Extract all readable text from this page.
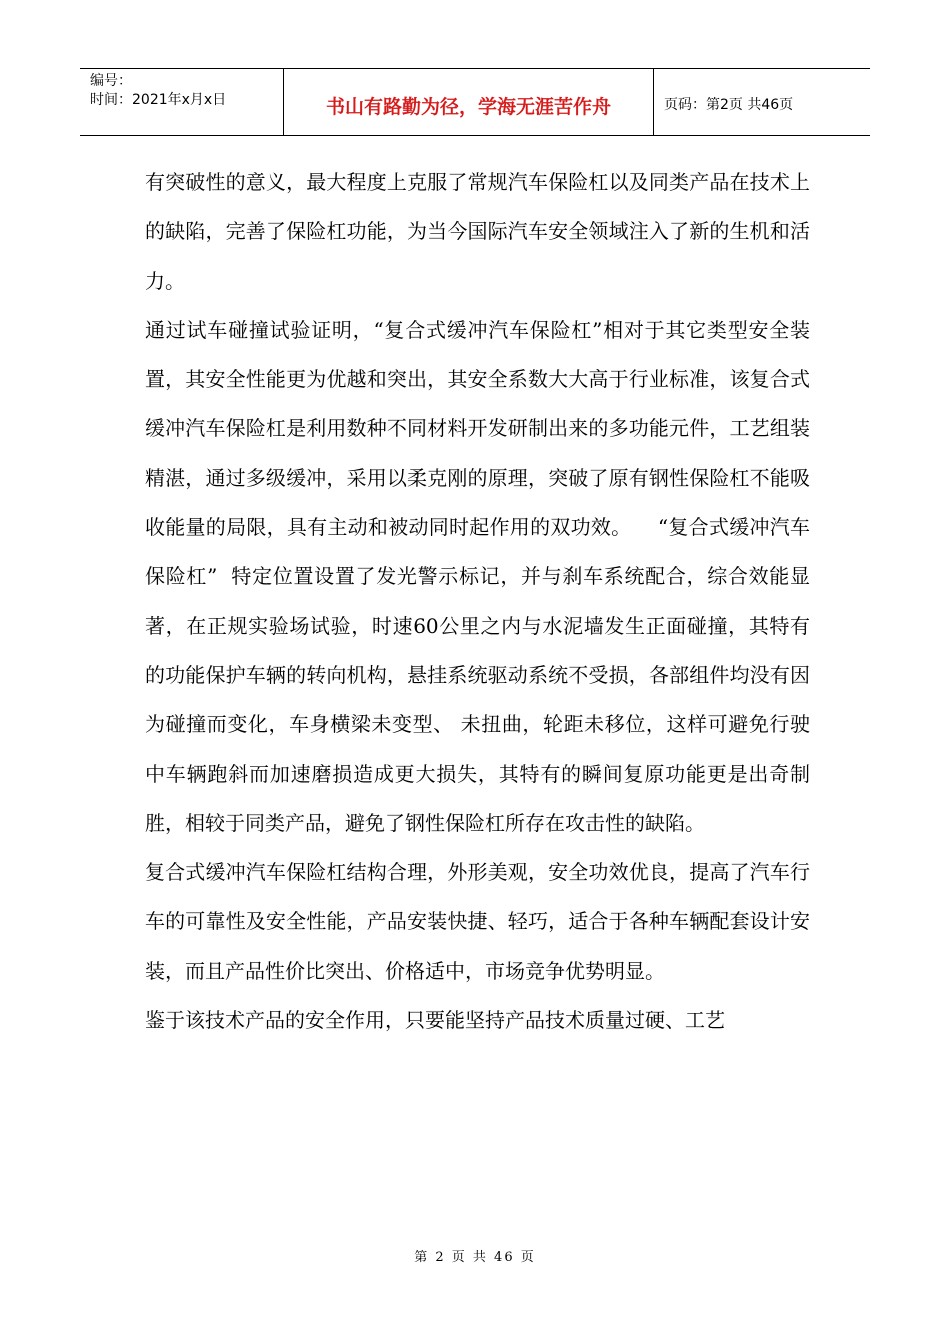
编号：
时间：2021年x月x日	书山有路勤为径，学海无涯苦作舟	页码：第2页 共46页

有突破性的意义，最大程度上克服了常规汽车保险杠以及同类产品在技术上的缺陷，完善了保险杠功能，为当今国际汽车安全领域注入了新的生机和活力。

通过试车碰撞试验证明，“复合式缓冲汽车保险杠”相对于其它类型安全装置，其安全性能更为优越和突出，其安全系数大大高于行业标准，该复合式缓冲汽车保险杠是利用数种不同材料开发研制出来的多功能元件，工艺组装精湛，通过多级缓冲，采用以柔克刚的原理，突破了原有钢性保险杠不能吸收能量的局限，具有主动和被动同时起作用的双功效。    “复合式缓冲汽车保险杠”  特定位置设置了发光警示标记，并与刹车系统配合，综合效能显著，在正规实验场试验，时速60公里之内与水泥墙发生正面碰撞，其特有的功能保护车辆的转向机构，悬挂系统驱动系统不受损，各部组件均没有因为碰撞而变化，车身横梁未变型、 未扭曲，轮距未移位，这样可避免行驶中车辆跑斜而加速磨损造成更大损失，其特有的瞬间复原功能更是出奇制胜，相较于同类产品，避免了钢性保险杠所存在攻击性的缺陷。

复合式缓冲汽车保险杠结构合理，外形美观，安全功效优良，提高了汽车行车的可靠性及安全性能，产品安装快捷、轻巧，适合于各种车辆配套设计安装，而且产品性价比突出、价格适中，市场竞争优势明显。

鉴于该技术产品的安全作用，只要能坚持产品技术质量过硬、工艺

第 2 页 共 46 页
